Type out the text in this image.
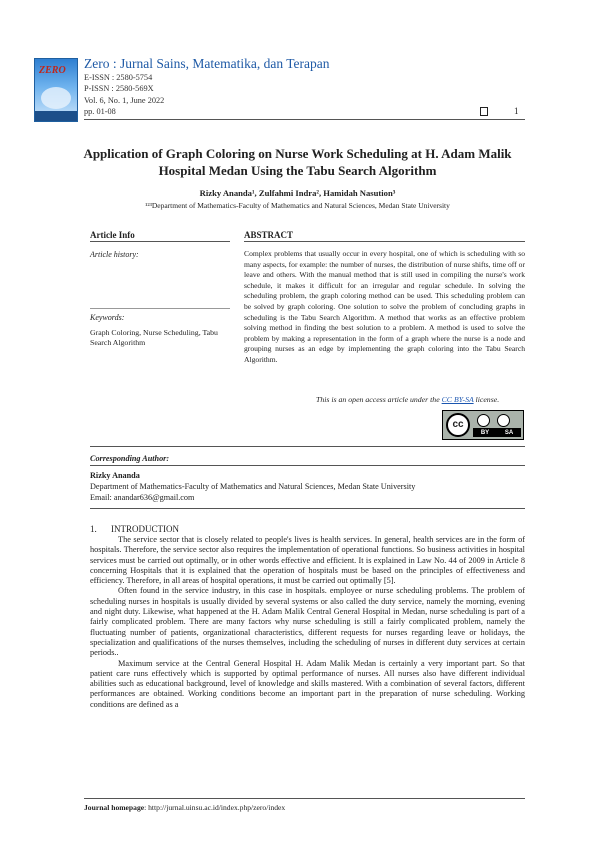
ZERO Zero : Jurnal Sains, Matematika, dan Terapan
E-ISSN : 2580-5754
P-ISSN : 2580-569X
Vol. 6, No. 1, June 2022
pp. 01-08	1
Application of Graph Coloring on Nurse Work Scheduling at H. Adam Malik
Hospital Medan Using the Tabu Search Algorithm
Rizky Ananda¹, Zulfahmi Indra², Hamidah Nasution³
¹²³Department of Mathematics-Faculty of Mathematics and Natural Sciences, Medan State University
Article Info	ABSTRACT
Article history:
Keywords:
Graph Coloring, Nurse Scheduling, Tabu Search Algorithm
Complex problems that usually occur in every hospital, one of which is scheduling with so many aspects, for example: the number of nurses, the distribution of nurse shifts, time off or leave and others. With the manual method that is still used in compiling the nurse's work schedule, it makes it difficult for an irregular and regular schedule. In solving the scheduling problem, the graph coloring method can be used. This scheduling problem can be solved by graph coloring. One solution to solve the problem of concluding graphs in scheduling is the Tabu Search Algorithm. A method that works as an effective problem solving method in finding the best solution to a problem. A method is used to solve the problem by making a representation in the form of a graph where the nurse is a node and grouping nurses as an edge by implementing the graph coloring into the Tabu Search Algorithm.
This is an open access article under the CC BY-SA license.
cc
BY	SA
Corresponding Author:
Rizky Ananda
Department of Mathematics-Faculty of Mathematics and Natural Sciences, Medan State University
Email: anandar636@gmail.com
1. INTRODUCTION

The service sector that is closely related to people's lives is health services. In general, health services are in the form of hospitals. Therefore, the service sector also requires the implementation of operational functions. So business activities in hospital services must be carried out optimally, or in other words effective and efficient. It is explained in Law No. 44 of 2009 in Article 8 concerning Hospitals that it is explained that the operation of hospitals must be based on the principles of effectiveness and efficiency. Therefore, in all areas of hospital operations, it must be carried out optimally [5].

Often found in the service industry, in this case in hospitals. employee or nurse scheduling problems. The problem of scheduling nurses in hospitals is usually divided by several systems or also called the duty service, namely the morning, evening and night duty. Likewise, what happened at the H. Adam Malik Central General Hospital in Medan, nurse scheduling is part of a fairly complicated problem. There are many factors why nurse scheduling is still a fairly complicated problem, namely the fluctuating number of patients, organizational characteristics, different requests for nurses regarding leave or holidays, the specialization and qualifications of the nurses themselves, including the scheduling of nurses in different duty services at certain periods..

Maximum service at the Central General Hospital H. Adam Malik Medan is certainly a very important part. So that patient care runs effectively which is supported by optimal performance of nurses. All nurses also have different individual abilities such as educational background, level of knowledge and skills mastered. With a combination of several factors, different performances are obtained. Working conditions become an important part in the preparation of nurse scheduling. Working conditions are defined as a

Journal homepage: http://jurnal.uinsu.ac.id/index.php/zero/index
